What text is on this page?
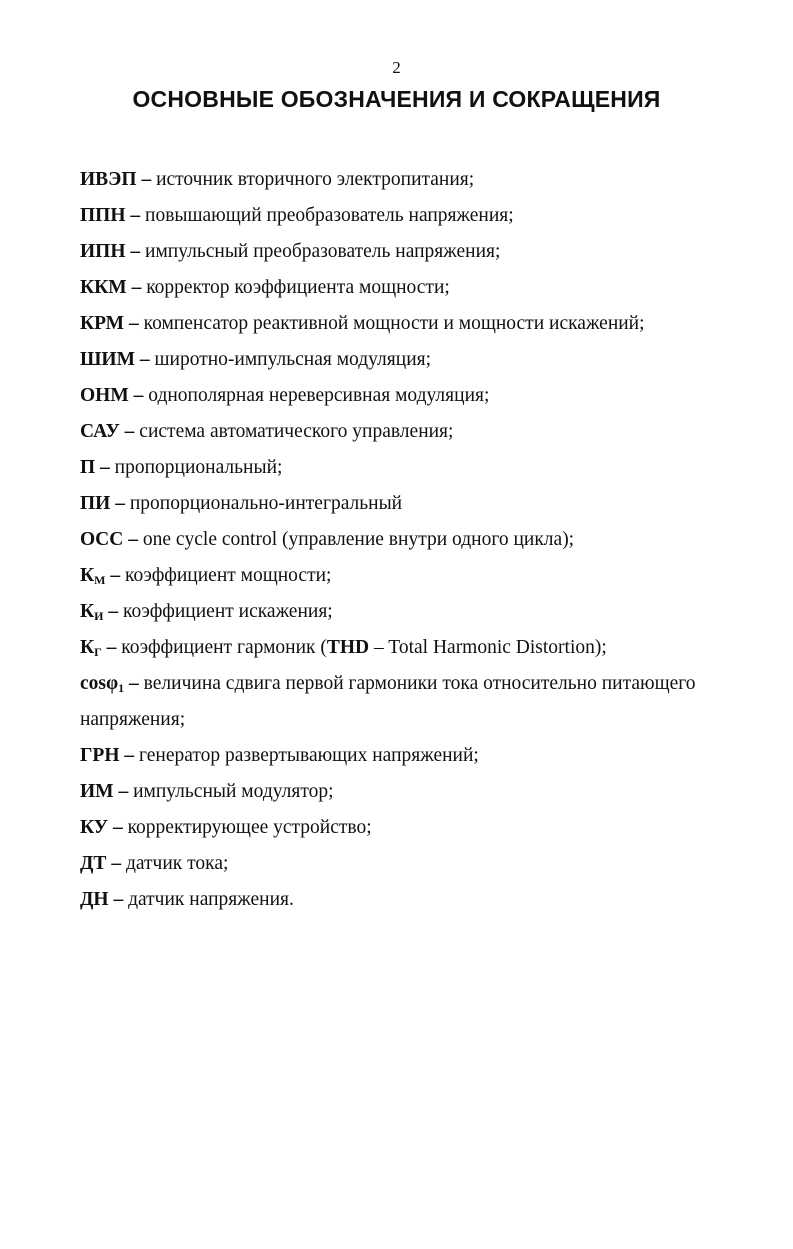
2
ОСНОВНЫЕ ОБОЗНАЧЕНИЯ И СОКРАЩЕНИЯ
ИВЭП – источник вторичного электропитания;
ППН – повышающий преобразователь напряжения;
ИПН – импульсный преобразователь напряжения;
ККМ – корректор коэффициента мощности;
КРМ – компенсатор реактивной мощности и мощности искажений;
ШИМ – широтно-импульсная модуляция;
ОНМ – однополярная нереверсивная модуляция;
САУ – система автоматического управления;
П – пропорциональный;
ПИ – пропорционально-интегральный
OCC – one cycle control (управление внутри одного цикла);
$К_М$ – коэффициент мощности;
$К_И$ – коэффициент искажения;
$К_Г$ – коэффициент гармоник (THD – Total Harmonic Distortion);
cosφ$_1$ – величина сдвига первой гармоники тока относительно питающего напряжения;
ГРН – генератор развертывающих напряжений;
ИМ – импульсный модулятор;
КУ – корректирующее устройство;
ДТ – датчик тока;
ДН – датчик напряжения.
